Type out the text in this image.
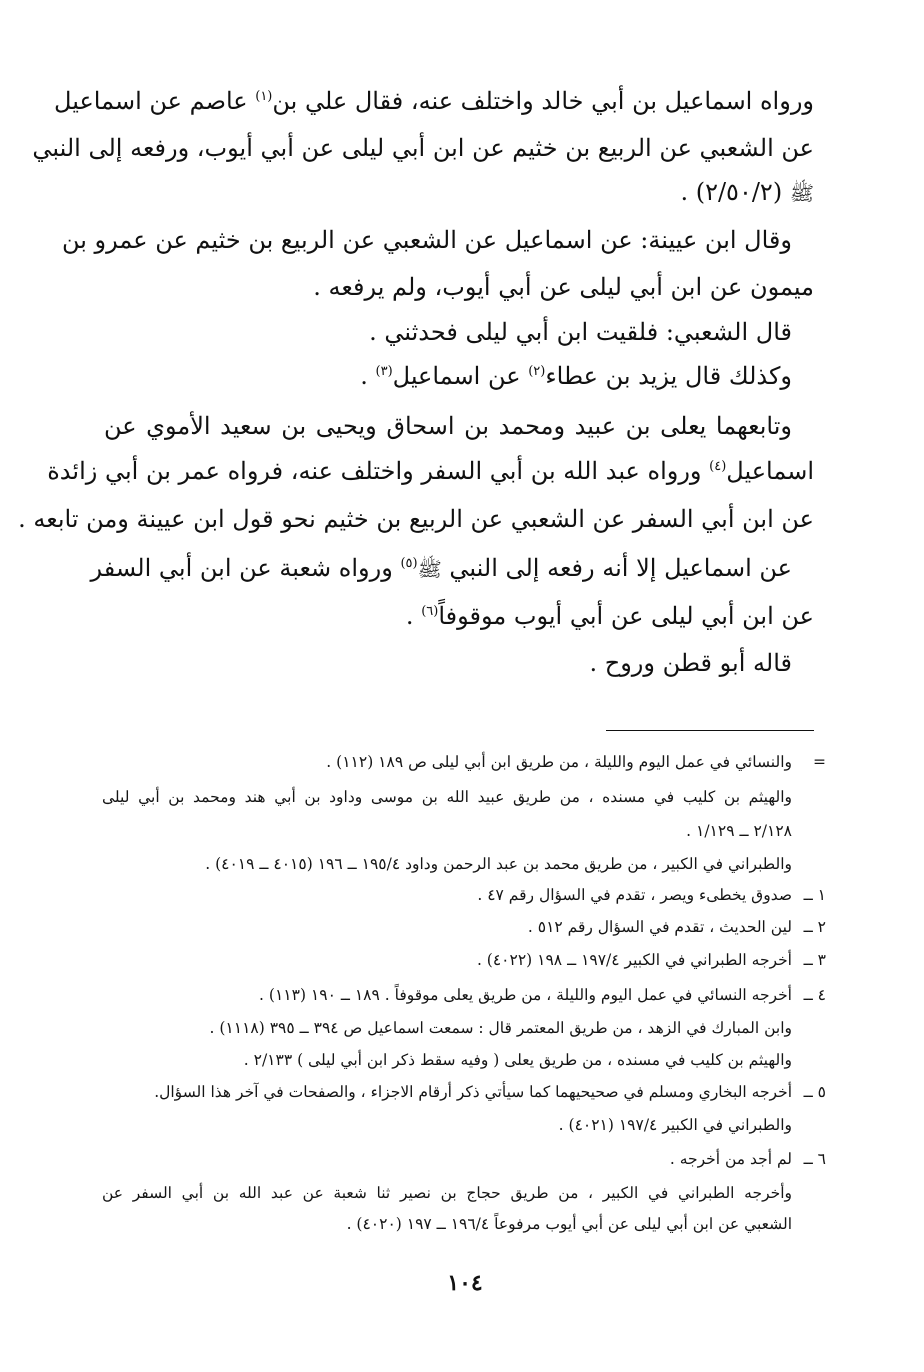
ورواه اسماعيل بن أبي خالد واختلف عنه، فقال علي بن$^{(١)}$ عاصم عن اسماعيل
عن الشعبي عن الربيع بن خثيم عن ابن أبي ليلى عن أبي أيوب، ورفعه إلى النبي
ﷺ (٢/٥٠/٢) .
وقال ابن عيينة: عن اسماعيل عن الشعبي عن الربيع بن خثيم عن عمرو بن
ميمون عن ابن أبي ليلى عن أبي أيوب، ولم يرفعه .
قال الشعبي: فلقيت ابن أبي ليلى فحدثني .
وكذلك قال يزيد بن عطاء$^{(٢)}$ عن اسماعيل$^{(٣)}$ .
وتابعهما يعلى بن عبيد ومحمد بن اسحاق ويحيى بن سعيد الأموي عن
اسماعيل$^{(٤)}$ ورواه عبد الله بن أبي السفر واختلف عنه، فرواه عمر بن أبي زائدة
عن ابن أبي السفر عن الشعبي عن الربيع بن خثيم نحو قول ابن عيينة ومن تابعه .
عن اسماعيل إلا أنه رفعه إلى النبي ﷺ$^{(٥)}$ ورواه شعبة عن ابن أبي السفر
عن ابن أبي ليلى عن أبي أيوب موقوفاً$^{(٦)}$ .
قاله أبو قطن وروح .
=
والنسائي في عمل اليوم والليلة ، من طريق ابن أبي ليلى ص ١٨٩ (١١٢) .
والهيثم بن كليب في مسنده ، من طريق عبيد الله بن موسى وداود بن أبي هند ومحمد بن أبي ليلى
٢/١٢٨ ــ ١/١٢٩ .
والطبراني في الكبير ، من طريق محمد بن عبد الرحمن وداود ١٩٥/٤ ــ ١٩٦ (٤٠١٥ ــ ٤٠١٩) .
١ ــ
صدوق يخطىء ويصر ، تقدم في السؤال رقم ٤٧ .
٢ ــ
لين الحديث ، تقدم في السؤال رقم ٥١٢ .
٣ ــ
أخرجه الطبراني في الكبير ١٩٧/٤ ــ ١٩٨ (٤٠٢٢) .
٤ ــ
أخرجه النسائي في عمل اليوم والليلة ، من طريق يعلى موقوفاً . ١٨٩ ــ ١٩٠ (١١٣) .
وابن المبارك في الزهد ، من طريق المعتمر قال : سمعت اسماعيل ص ٣٩٤ ــ ٣٩٥ (١١١٨) .
والهيثم بن كليب في مسنده ، من طريق يعلى ( وفيه سقط ذكر ابن أبي ليلى ) ٢/١٣٣ .
٥ ــ
أخرجه البخاري ومسلم في صحيحيهما كما سيأتي ذكر أرقام الاجزاء ، والصفحات في آخر هذا السؤال.
والطبراني في الكبير ١٩٧/٤ (٤٠٢١) .
٦ ــ
لم أجد من أخرجه .
وأخرجه الطبراني في الكبير ، من طريق حجاج بن نصير ثنا شعبة عن عبد الله بن أبي السفر عن
الشعبي عن ابن أبي ليلى عن أبي أيوب مرفوعاً ١٩٦/٤ ــ ١٩٧ (٤٠٢٠) .
١٠٤
